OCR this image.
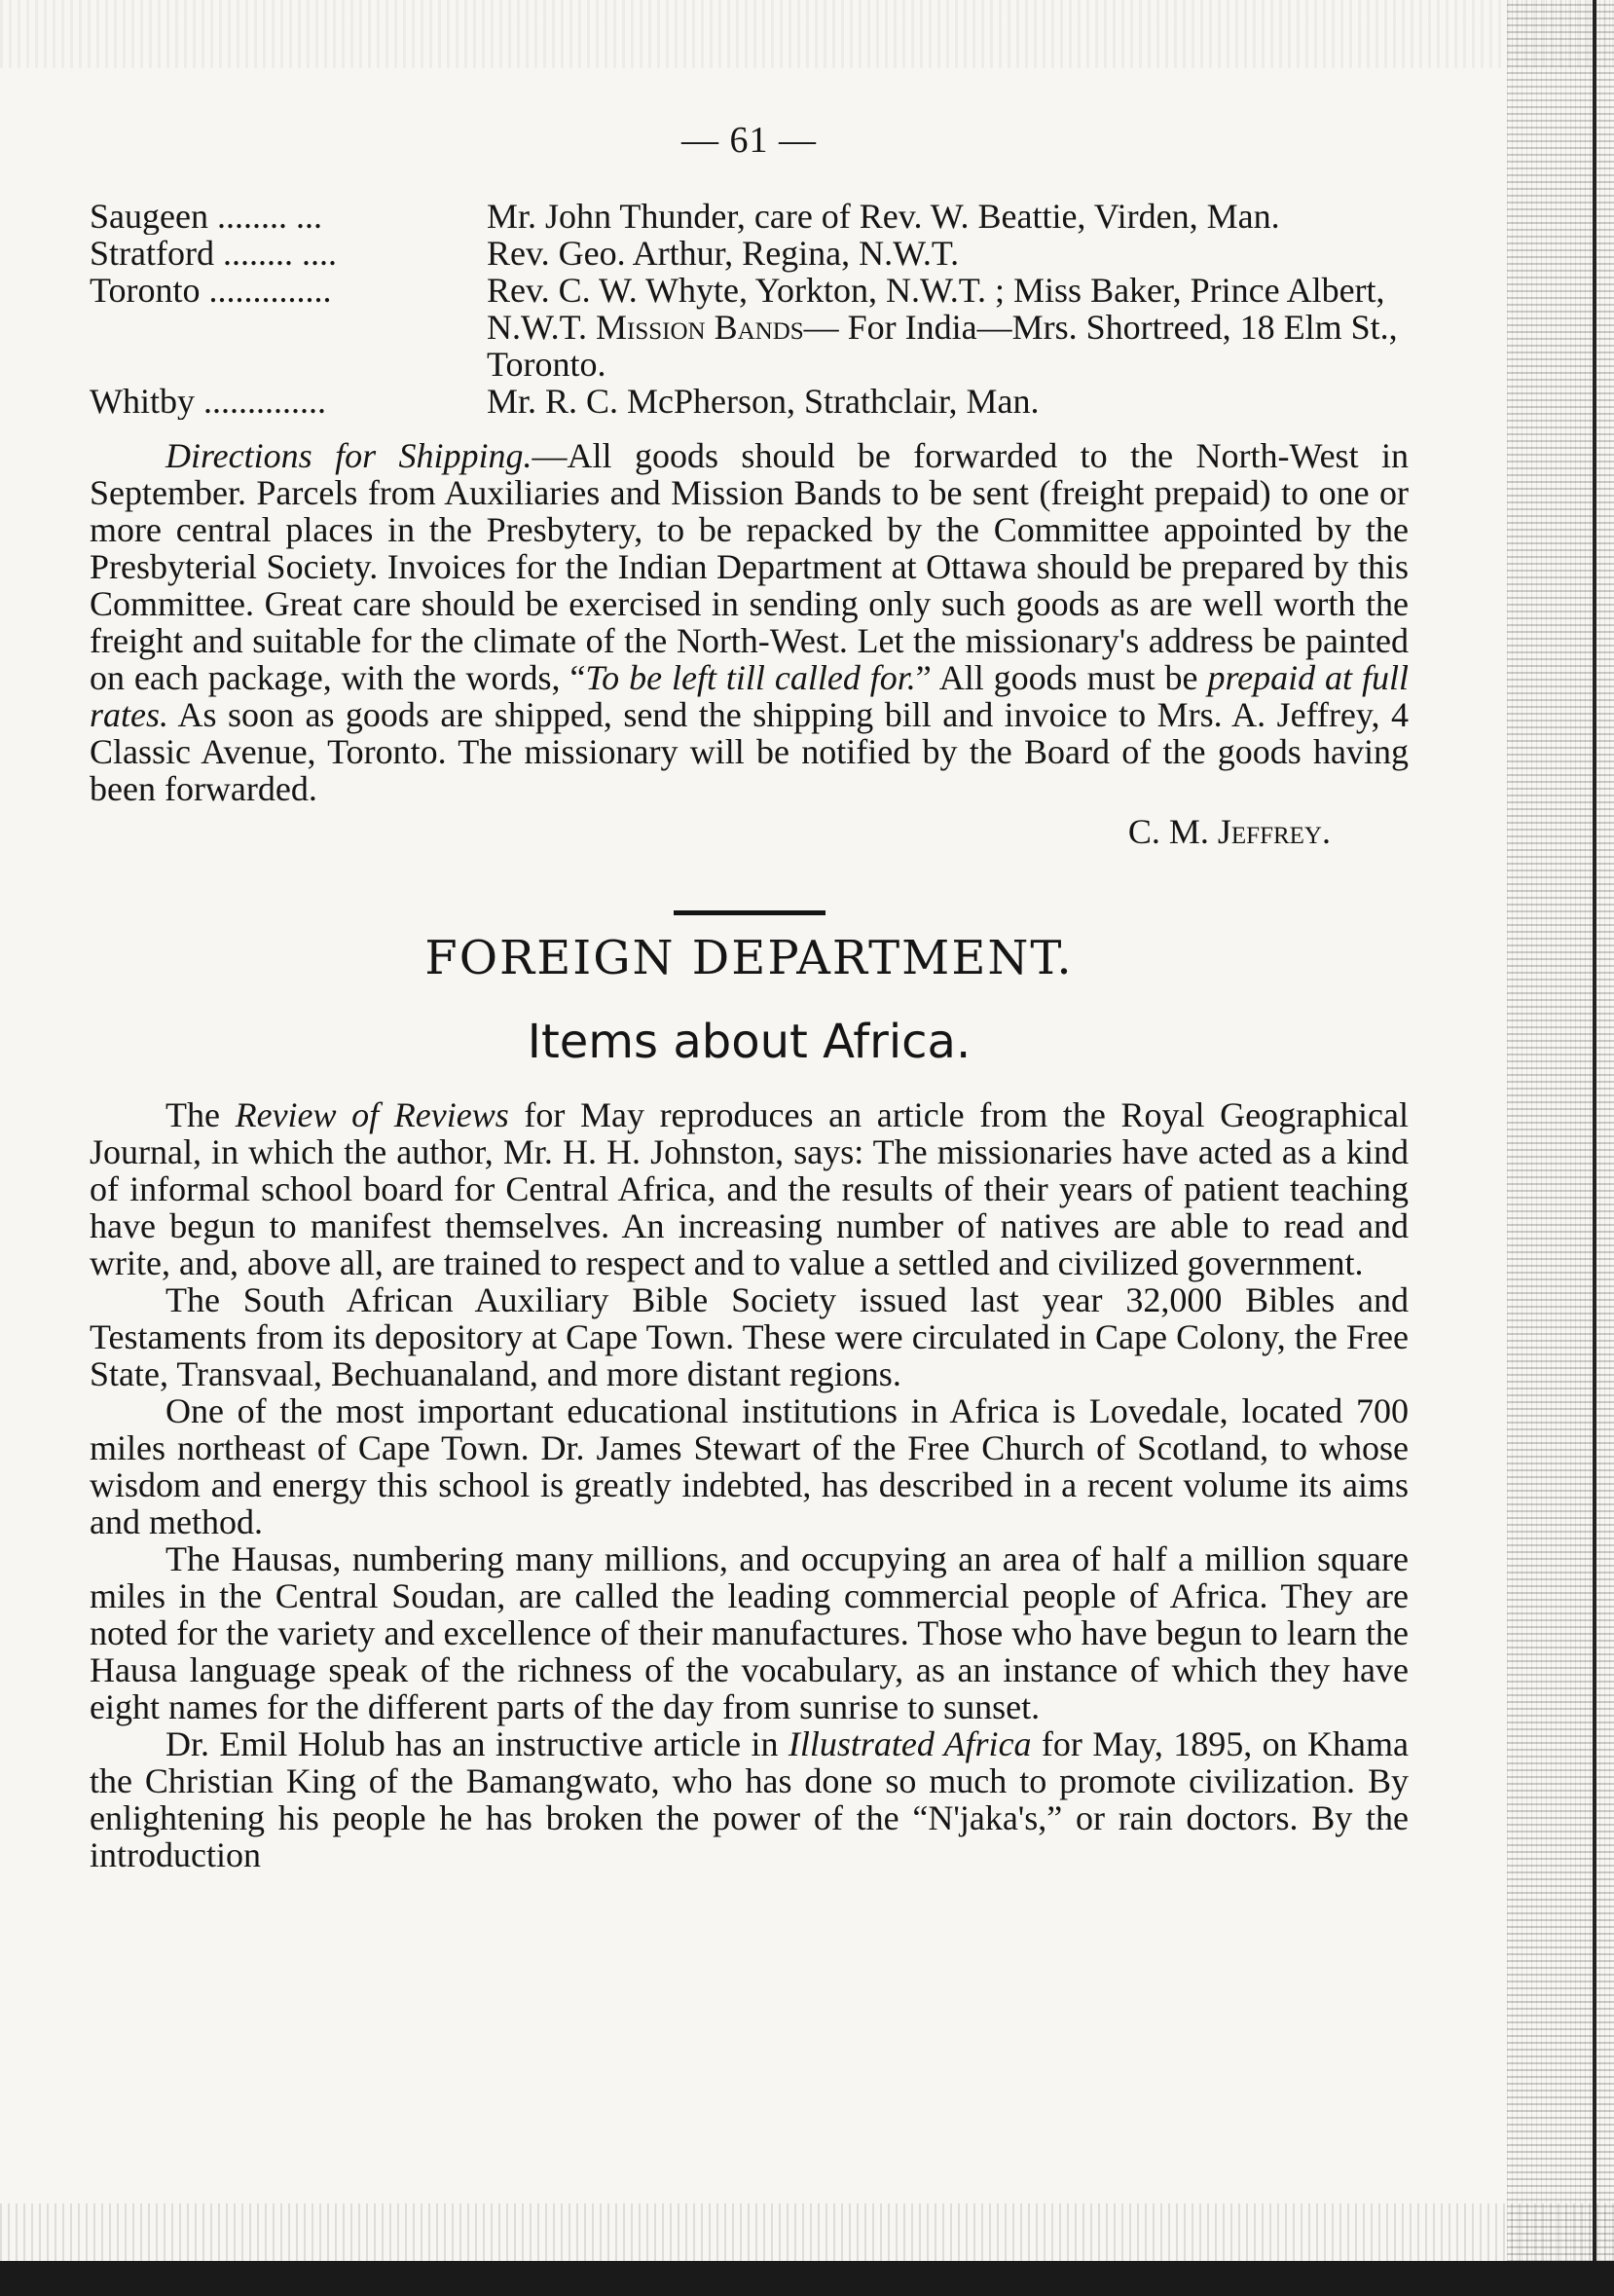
— 61 —
Saugeen ........ ...	Mr. John Thunder, care of Rev. W. Beattie, Virden, Man.
Stratford ........ ....	Rev. Geo. Arthur, Regina, N.W.T.
Toronto ..............	Rev. C. W. Whyte, Yorkton, N.W.T. ; Miss Baker, Prince Albert, N.W.T. Mission Bands— For India—Mrs. Shortreed, 18 Elm St., Toronto.
Whitby ..............	Mr. R. C. McPherson, Strathclair, Man.

Directions for Shipping.—All goods should be forwarded to the North-West in September. Parcels from Auxiliaries and Mission Bands to be sent (freight prepaid) to one or more central places in the Presbytery, to be repacked by the Committee appointed by the Presbyterial Society. Invoices for the Indian Department at Ottawa should be prepared by this Committee. Great care should be exercised in sending only such goods as are well worth the freight and suitable for the climate of the North-West. Let the missionary's address be painted on each package, with the words, “To be left till called for.” All goods must be prepaid at full rates. As soon as goods are shipped, send the shipping bill and invoice to Mrs. A. Jeffrey, 4 Classic Avenue, Toronto. The missionary will be notified by the Board of the goods having been forwarded.

C. M. Jeffrey.

FOREIGN DEPARTMENT.
Items about Africa.

The Review of Reviews for May reproduces an article from the Royal Geographical Journal, in which the author, Mr. H. H. Johnston, says: The missionaries have acted as a kind of informal school board for Central Africa, and the results of their years of patient teaching have begun to manifest themselves. An increasing number of natives are able to read and write, and, above all, are trained to respect and to value a settled and civilized government.

The South African Auxiliary Bible Society issued last year 32,000 Bibles and Testaments from its depository at Cape Town. These were circulated in Cape Colony, the Free State, Transvaal, Bechuanaland, and more distant regions.

One of the most important educational institutions in Africa is Lovedale, located 700 miles northeast of Cape Town. Dr. James Stewart of the Free Church of Scotland, to whose wisdom and energy this school is greatly indebted, has described in a recent volume its aims and method.

The Hausas, numbering many millions, and occupying an area of half a million square miles in the Central Soudan, are called the leading commercial people of Africa. They are noted for the variety and excellence of their manufactures. Those who have begun to learn the Hausa language speak of the richness of the vocabulary, as an instance of which they have eight names for the different parts of the day from sunrise to sunset.

Dr. Emil Holub has an instructive article in Illustrated Africa for May, 1895, on Khama the Christian King of the Bamangwato, who has done so much to promote civilization. By enlightening his people he has broken the power of the “N'jaka's,” or rain doctors. By the introduction
